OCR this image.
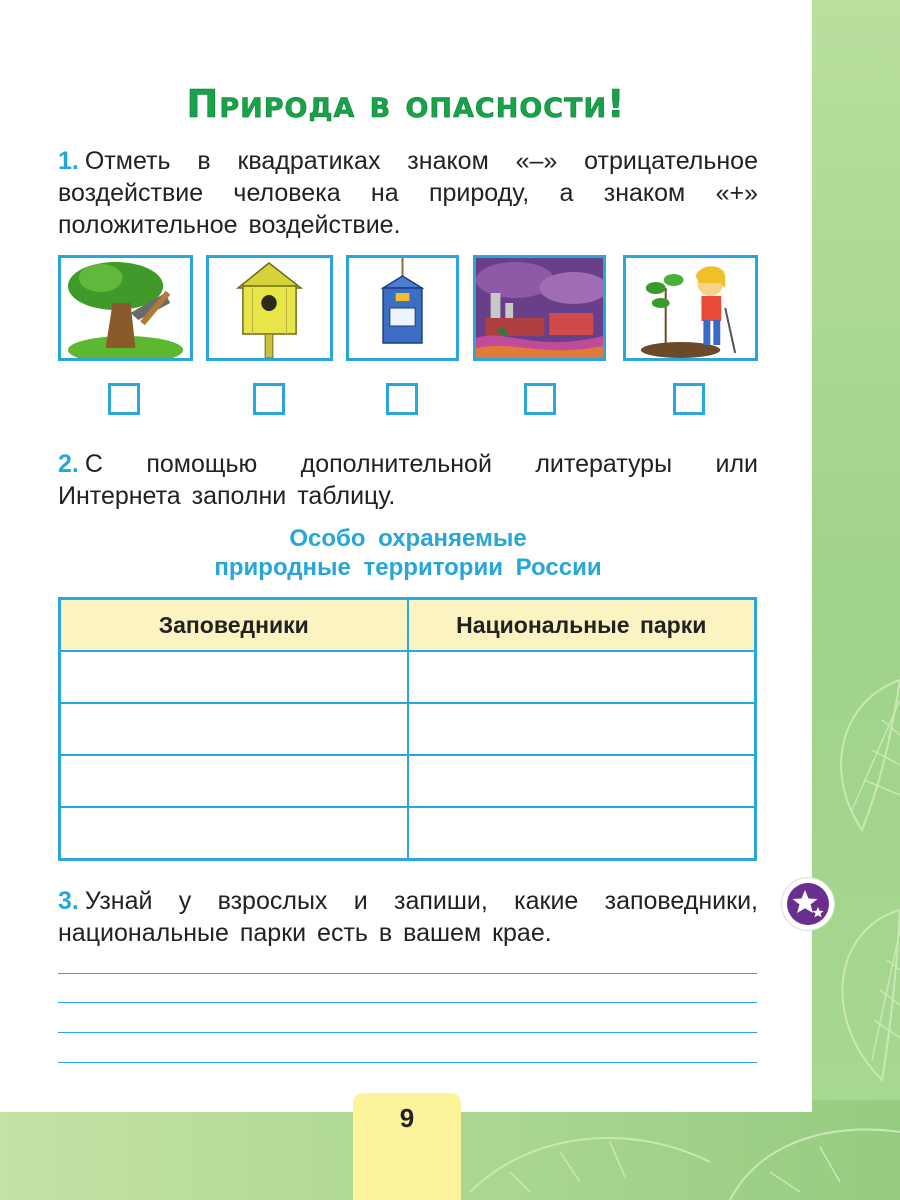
Природа в опасности!
1. Отметь в квадратиках знаком «–» отрицательное воздействие человека на природу, а знаком «+» положительное воздействие.
2. С помощью дополнительной литературы или Интернета заполни таблицу.
Особо охраняемые
природные территории России
Заповедники	Национальные парки

3. Узнай у взрослых и запиши, какие заповедники, национальные парки есть в вашем крае.
9
